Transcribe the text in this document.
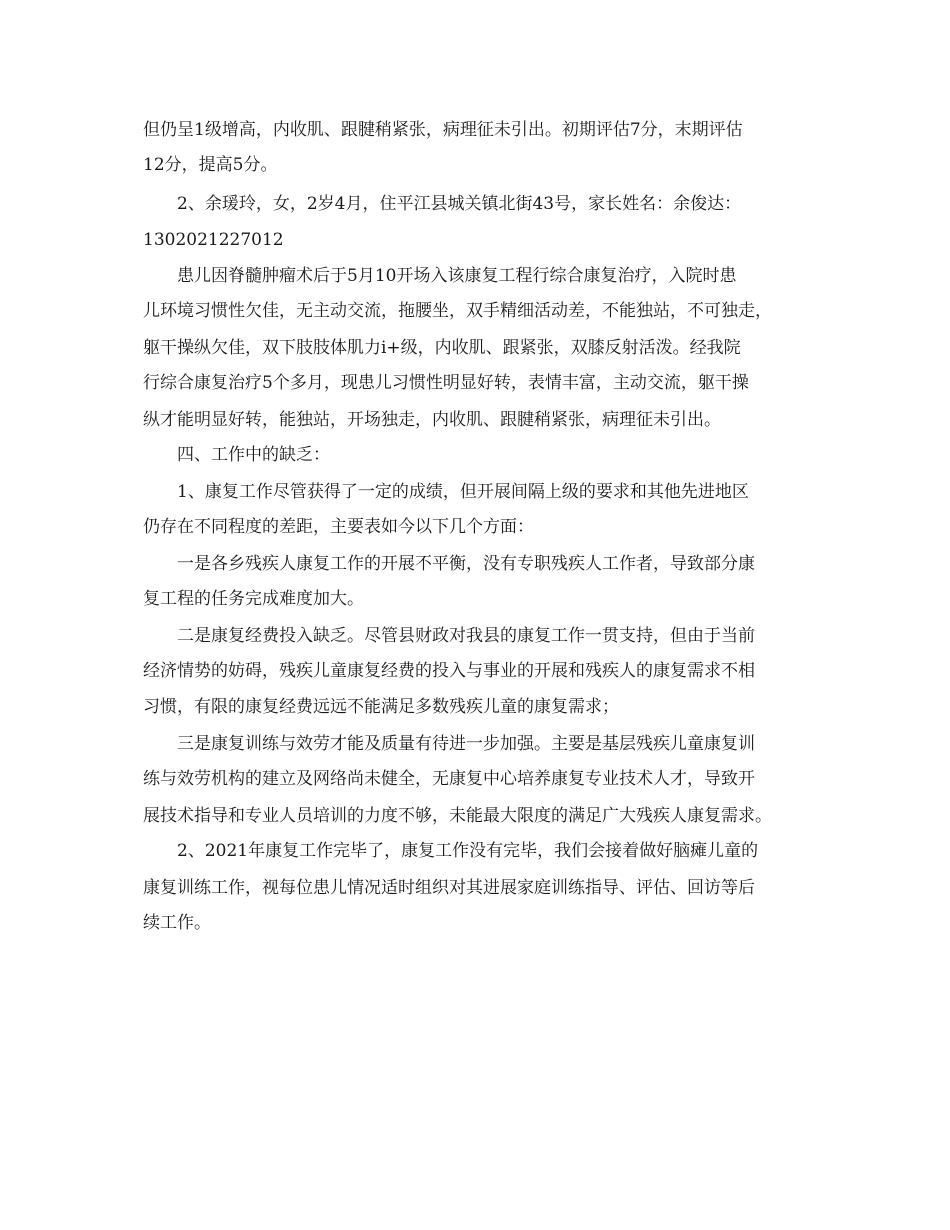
但仍呈1级增高，内收肌、跟腱稍紧张，病理征未引出。初期评估7分，末期评估
12分，提高5分。
　　2、余瑗玲，女，2岁4月，住平江县城关镇北街43号，家长姓名：余俊达：
1302021227012
　　患儿因脊髓肿瘤术后于5月10开场入该康复工程行综合康复治疗，入院时患
儿环境习惯性欠佳，无主动交流，拖腰坐，双手精细活动差，不能独站，不可独走，
躯干操纵欠佳，双下肢肢体肌力i+级，内收肌、跟紧张，双膝反射活泼。经我院
行综合康复治疗5个多月，现患儿习惯性明显好转，表情丰富，主动交流，躯干操
纵才能明显好转，能独站，开场独走，内收肌、跟腱稍紧张，病理征未引出。
　　四、工作中的缺乏：
　　1、康复工作尽管获得了一定的成绩，但开展间隔上级的要求和其他先进地区
仍存在不同程度的差距，主要表如今以下几个方面：
　　一是各乡残疾人康复工作的开展不平衡，没有专职残疾人工作者，导致部分康
复工程的任务完成难度加大。
　　二是康复经费投入缺乏。尽管县财政对我县的康复工作一贯支持，但由于当前
经济情势的妨碍，残疾儿童康复经费的投入与事业的开展和残疾人的康复需求不相
习惯，有限的康复经费远远不能满足多数残疾儿童的康复需求；
　　三是康复训练与效劳才能及质量有待进一步加强。主要是基层残疾儿童康复训
练与效劳机构的建立及网络尚未健全，无康复中心培养康复专业技术人才，导致开
展技术指导和专业人员培训的力度不够，未能最大限度的满足广大残疾人康复需求。
　　2、2021年康复工作完毕了，康复工作没有完毕，我们会接着做好脑瘫儿童的
康复训练工作，视每位患儿情况适时组织对其进展家庭训练指导、评估、回访等后
续工作。
